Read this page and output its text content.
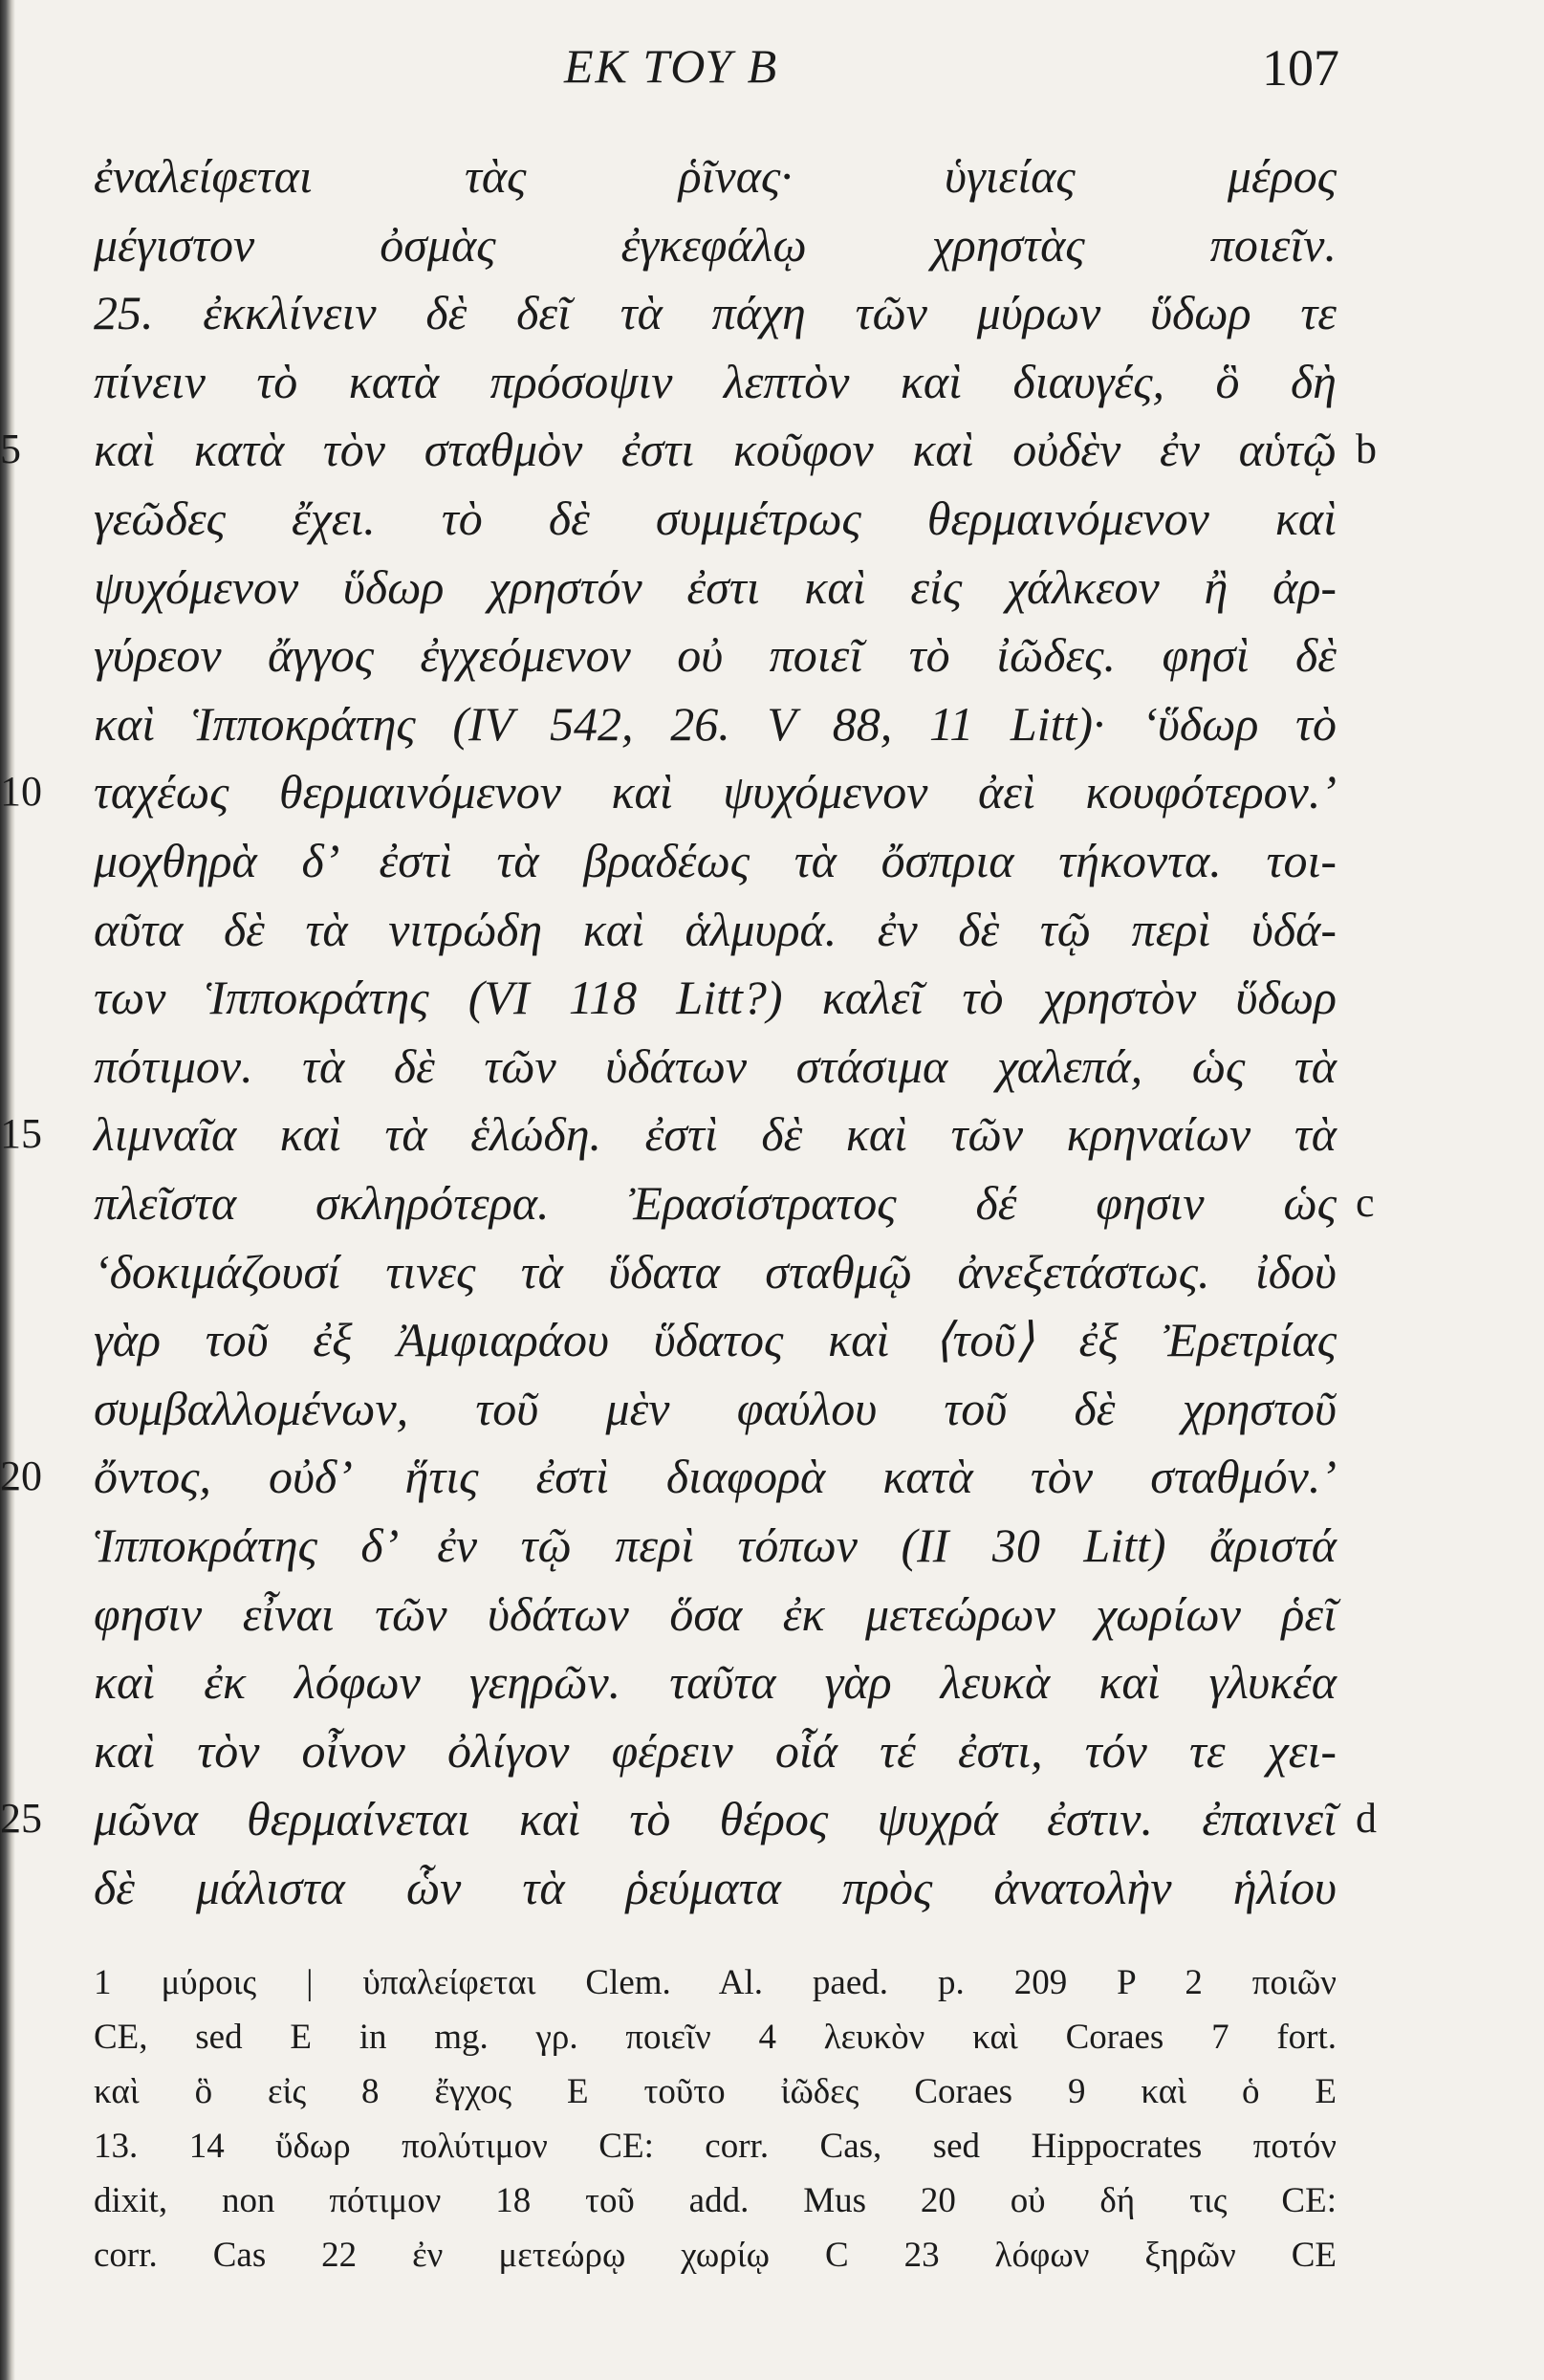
ΕΚ ΤΟΥ Β	107
ἐναλείφεται τὰς ῥῖνας· ὑγιείας μέρος
μέγιστον ὀσμὰς ἐγκεφάλῳ χρηστὰς ποιεῖν.
25. ἐκκλίνειν δὲ δεῖ τὰ πάχη τῶν μύρων ὕδωρ τε
πίνειν τὸ κατὰ πρόσοψιν λεπτὸν καὶ διαυγές, ὃ δὴ
καὶ κατὰ τὸν σταθμὸν ἐστι κοῦφον καὶ οὐδὲν ἐν αὑτῷ
5	b
γεῶδες ἔχει. τὸ δὲ συμμέτρως θερμαινόμενον καὶ
ψυχόμενον ὕδωρ χρηστόν ἐστι καὶ εἰς χάλκεον ἢ ἀρ-
γύρεον ἄγγος ἐγχεόμενον οὐ ποιεῖ τὸ ἰῶδες. φησὶ δὲ
καὶ Ἱπποκράτης (IV 542, 26. V 88, 11 Litt)· ‘ὕδωρ τὸ
ταχέως θερμαινόμενον καὶ ψυχόμενον ἀεὶ κουφότερον.’
10
μοχθηρὰ δ’ ἐστὶ τὰ βραδέως τὰ ὄσπρια τήκοντα. τοι-
αῦτα δὲ τὰ νιτρώδη καὶ ἁλμυρά. ἐν δὲ τῷ περὶ ὑδά-
των Ἱπποκράτης (VI 118 Litt?) καλεῖ τὸ χρηστὸν ὕδωρ
πότιμον. τὰ δὲ τῶν ὑδάτων στάσιμα χαλεπά, ὡς τὰ
λιμναῖα καὶ τὰ ἑλώδη. ἐστὶ δὲ καὶ τῶν κρηναίων τὰ
15
πλεῖστα σκληρότερα. Ἐρασίστρατος δέ φησιν ὡς c
‘δοκιμάζουσί τινες τὰ ὕδατα σταθμῷ ἀνεξετάστως. ἰδοὺ
γὰρ τοῦ ἐξ Ἀμφιαράου ὕδατος καὶ ⟨τοῦ⟩ ἐξ Ἐρετρίας
συμβαλλομένων, τοῦ μὲν φαύλου τοῦ δὲ χρηστοῦ
ὄντος, οὐδ’ ἥτις ἐστὶ διαφορὰ κατὰ τὸν σταθμόν.’
20
Ἱπποκράτης δ’ ἐν τῷ περὶ τόπων (II 30 Litt) ἄριστά
φησιν εἶναι τῶν ὑδάτων ὅσα ἐκ μετεώρων χωρίων ῥεῖ
καὶ ἐκ λόφων γεηρῶν. ταῦτα γὰρ λευκὰ καὶ γλυκέα
καὶ τὸν οἶνον ὀλίγον φέρειν οἷά τέ ἐστι, τόν τε χει-
μῶνα θερμαίνεται καὶ τὸ θέρος ψυχρά ἐστιν. ἐπαινεῖ
25	d
δὲ μάλιστα ὧν τὰ ῥεύματα πρὸς ἀνατολὴν ἡλίου
1 μύροις | ὑπαλείφεται Clem. Al. paed. p. 209 P 2 ποιῶν
CE, sed E in mg. γρ. ποιεῖν 4 λευκὸν καὶ Coraes 7 fort.
καὶ ὃ εἰς 8 ἔγχος E τοῦτο ἰῶδες Coraes 9 καὶ ὁ E
13. 14 ὕδωρ πολύτιμον CE: corr. Cas, sed Hippocrates ποτόν
dixit, non πότιμον 18 τοῦ add. Mus 20 οὐ δή τις CE:
corr. Cas 22 ἐν μετεώρῳ χωρίῳ C 23 λόφων ξηρῶν CE
